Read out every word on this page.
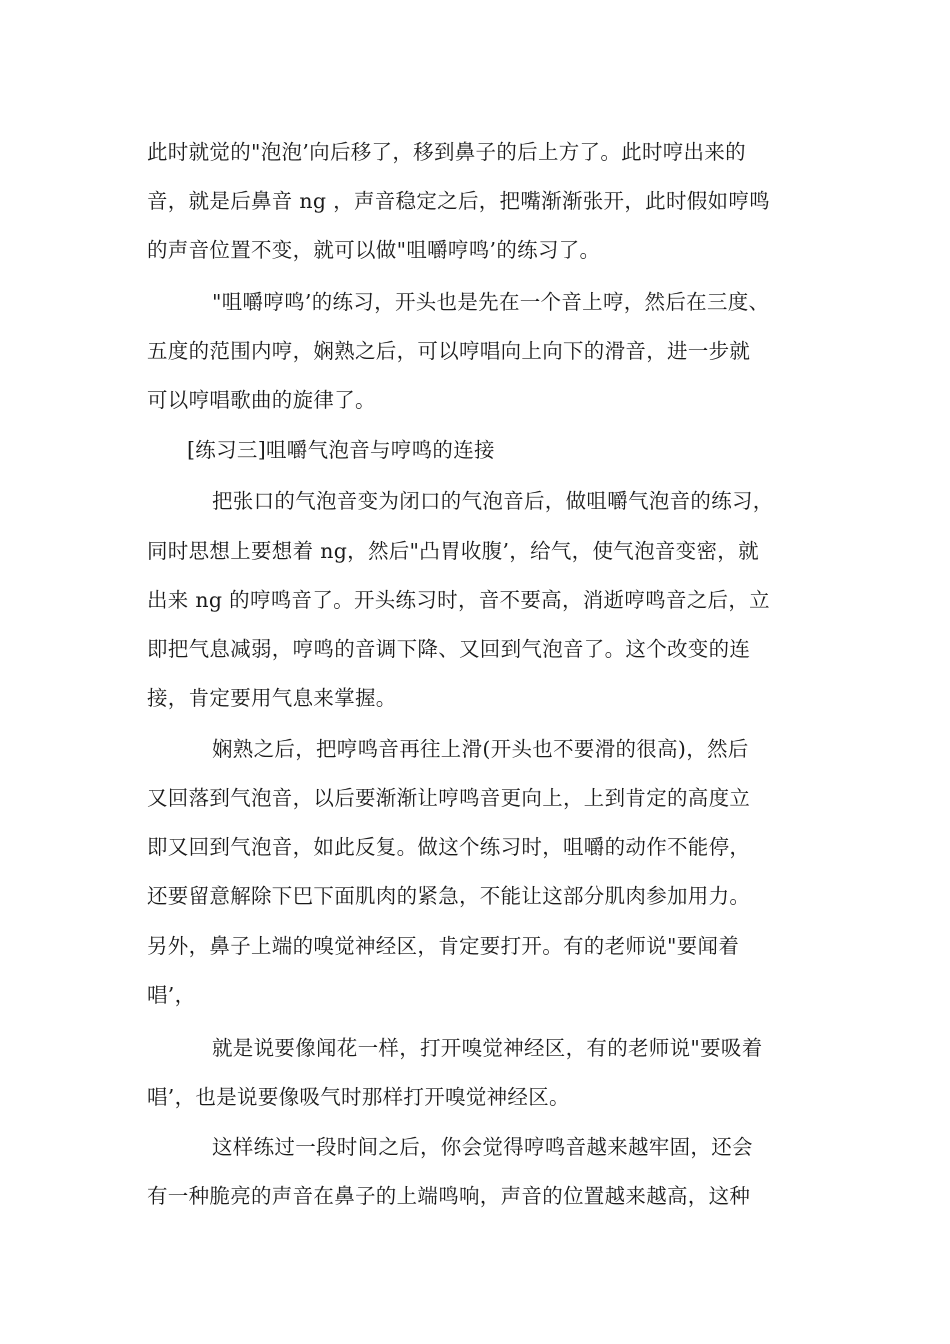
此时就觉的"泡泡’向后移了，移到鼻子的后上方了。此时哼出来的
音，就是后鼻音 ng ，声音稳定之后，把嘴渐渐张开，此时假如哼鸣
的声音位置不变，就可以做"咀嚼哼鸣’的练习了。
"咀嚼哼鸣’的练习，开头也是先在一个音上哼，然后在三度、
五度的范围内哼，娴熟之后，可以哼唱向上向下的滑音，进一步就
可以哼唱歌曲的旋律了。
[练习三]咀嚼气泡音与哼鸣的连接
把张口的气泡音变为闭口的气泡音后，做咀嚼气泡音的练习，
同时思想上要想着 ng，然后"凸胃收腹’，给气，使气泡音变密，就
出来 ng 的哼鸣音了。开头练习时，音不要高，消逝哼鸣音之后，立
即把气息减弱，哼鸣的音调下降、又回到气泡音了。这个改变的连
接，肯定要用气息来掌握。
娴熟之后，把哼鸣音再往上滑(开头也不要滑的很高)，然后
又回落到气泡音，以后要渐渐让哼鸣音更向上，上到肯定的高度立
即又回到气泡音，如此反复。做这个练习时，咀嚼的动作不能停，
还要留意解除下巴下面肌肉的紧急，不能让这部分肌肉参加用力。
另外，鼻子上端的嗅觉神经区，肯定要打开。有的老师说"要闻着
唱’，
就是说要像闻花一样，打开嗅觉神经区，有的老师说"要吸着
唱’，也是说要像吸气时那样打开嗅觉神经区。
这样练过一段时间之后，你会觉得哼鸣音越来越牢固，还会
有一种脆亮的声音在鼻子的上端鸣响，声音的位置越来越高，这种
